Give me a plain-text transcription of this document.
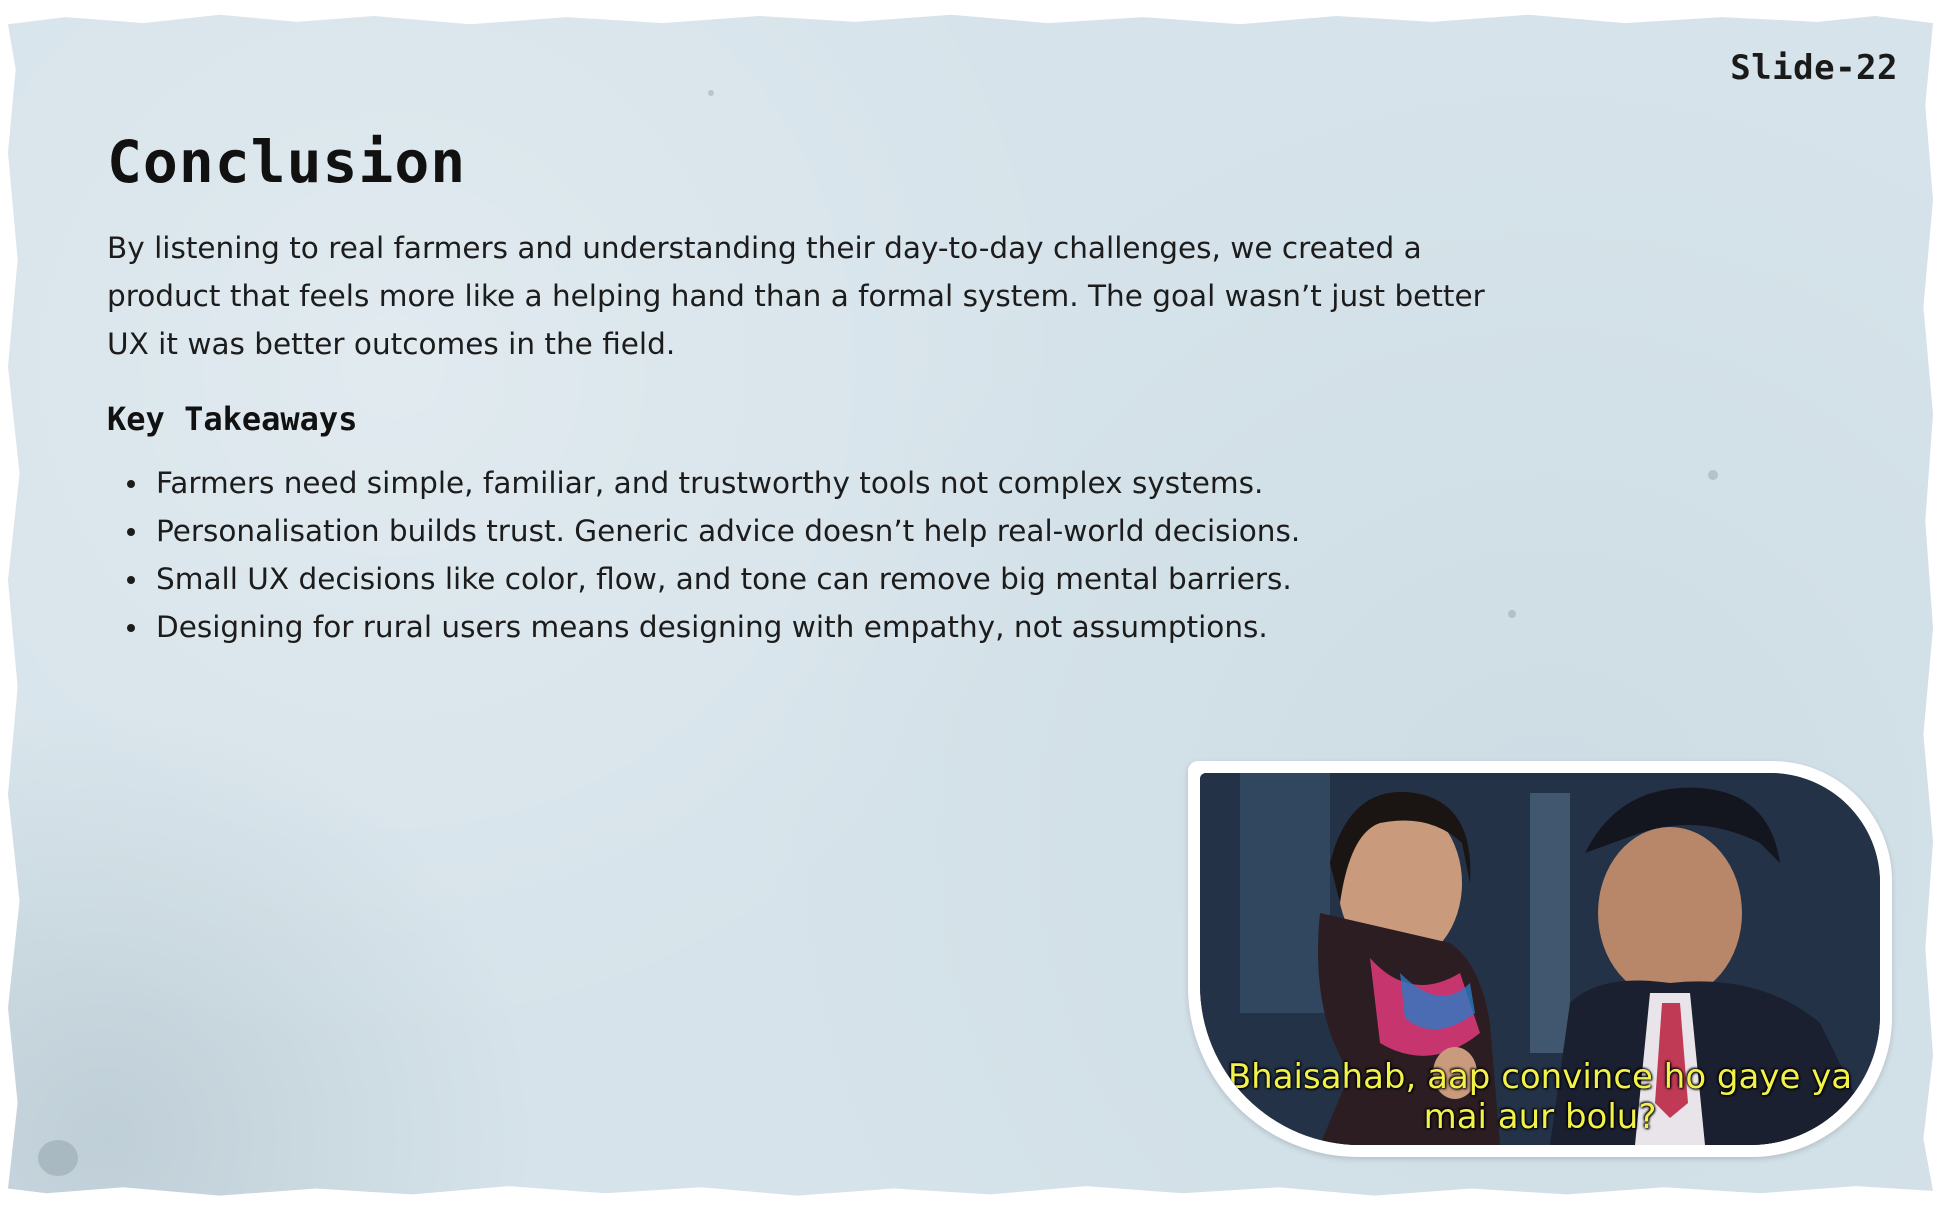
Slide-22
Conclusion

By listening to real farmers and understanding their day-to-day challenges, we created a product that feels more like a helping hand than a formal system. The goal wasn’t just better UX it was better outcomes in the field.

Key Takeaways
Farmers need simple, familiar, and trustworthy tools not complex systems.
Personalisation builds trust. Generic advice doesn’t help real-world decisions.
Small UX decisions like color, flow, and tone can remove big mental barriers.
Designing for rural users means designing with empathy, not assumptions.
Bhaisahab, aap convince ho gaye ya
mai aur bolu?
